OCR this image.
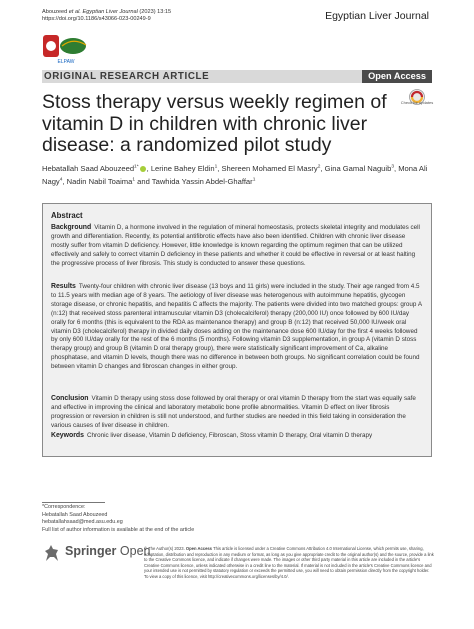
Abouzeed et al. Egyptian Liver Journal (2023) 13:15
https://doi.org/10.1186/s43066-023-00249-9	Egyptian Liver Journal
ELPAW
ORIGINAL RESEARCH ARTICLE	Open Access
Check for updates
Stoss therapy versus weekly regimen of vitamin D in children with chronic liver disease: a randomized pilot study
Hebatallah Saad Abouzeed$^{1*}$ , Lerine Bahey Eldin$^1$, Shereen Mohamed El Masry$^2$, Gina Gamal Naguib$^3$, Mona Ali Nagy$^4$, Nadin Nabil Toaima$^1$ and Tawhida Yassin Abdel-Ghaffar$^1$
Abstract
Background Vitamin D, a hormone involved in the regulation of mineral homeostasis, protects skeletal integrity and modulates cell growth and differentiation. Recently, its potential antifibrotic effects have also been identified. Children with chronic liver disease mostly suffer from vitamin D deficiency. However, little knowledge is known regarding the optimum regimen that can be utilized effectively and safely to correct vitamin D deficiency in these patients and whether it could be effective in reversal or at least halting the progressive process of liver fibrosis. This study is conducted to answer these questions.
Results Twenty-four children with chronic liver disease (13 boys and 11 girls) were included in the study. Their age ranged from 4.5 to 11.5 years with median age of 8 years. The aetiology of liver disease was heterogenous with autoimmune hepatitis, glycogen storage disease, or chronic hepatitis, and hepatitis C affects the majority. The patients were divided into two matched groups: group A (n:12) that received stoss parenteral intramuscular vitamin D3 (cholecalciferol) therapy (200,000 IU) once followed by 600 IU/day orally for 6 months (this is equivalent to the RDA as maintenance therapy) and group B (n:12) that received 50,000 IU/week oral vitamin D3 (cholecalciferol) therapy in divided daily doses adding on the maintenance dose 600 IU/day for the first 4 weeks followed by only 600 IU/day orally for the rest of the 6 months (5 months). Following vitamin D3 supplementation, in group A (vitamin D stoss therapy group) and group B (vitamin D oral therapy group), there were statistically significant improvement of Ca, alkaline phosphatase, and vitamin D levels, though there was no difference in between both groups. No significant correlation could be found between vitamin D changes and fibroscan changes in either group.
Conclusion Vitamin D therapy using stoss dose followed by oral therapy or oral vitamin D therapy from the start was equally safe and effective in improving the clinical and laboratory metabolic bone profile abnormalities. Vitamin D effect on liver fibrosis progression or reversion in children is still not understood, and further studies are needed in this field taking in consideration the various causes of liver disease in children.
Keywords Chronic liver disease, Vitamin D deficiency, Fibroscan, Stoss vitamin D therapy, Oral vitamin D therapy
*Correspondence:
Hebatallah Saad Abouzeed
hebatallahsaad@med.asu.edu.eg
Full list of author information is available at the end of the article
Springer Open
© The Author(s) 2023. Open Access This article is licensed under a Creative Commons Attribution 4.0 International License, which permits use, sharing, adaptation, distribution and reproduction in any medium or format, as long as you give appropriate credit to the original author(s) and the source, provide a link to the Creative Commons licence, and indicate if changes were made. The images or other third party material in this article are included in the article's Creative Commons licence, unless indicated otherwise in a credit line to the material. If material is not included in the article's Creative Commons licence and your intended use is not permitted by statutory regulation or exceeds the permitted use, you will need to obtain permission directly from the copyright holder. To view a copy of this licence, visit http://creativecommons.org/licenses/by/4.0/.
